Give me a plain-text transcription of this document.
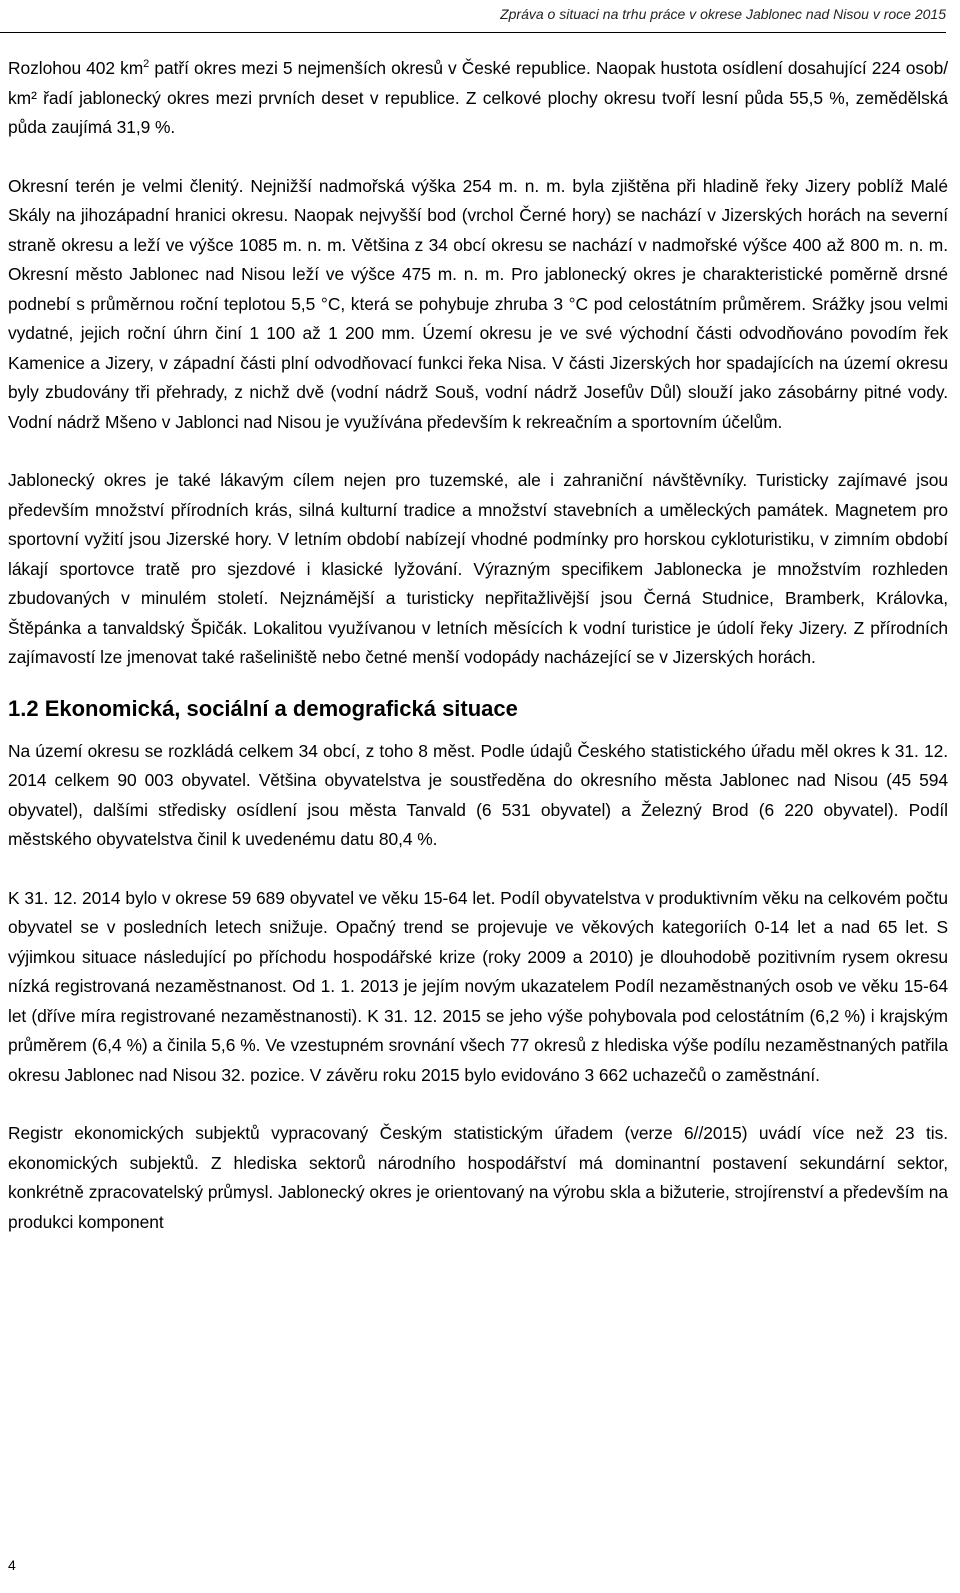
Zpráva o situaci na trhu práce v okrese Jablonec nad Nisou v roce 2015

Rozlohou 402 $km^2$ patří okres mezi 5 nejmenších okresů v České republice. Naopak hustota osídlení dosahující 224 osob/ km² řadí jablonecký okres mezi prvních deset v republice. Z celkové plochy okresu tvoří lesní půda 55,5 %, zemědělská půda zaujímá 31,9 %.

Okresní terén je velmi členitý. Nejnižší nadmořská výška 254 m. n. m. byla zjištěna při hladině řeky Jizery poblíž Malé Skály na jihozápadní hranici okresu. Naopak nejvyšší bod (vrchol Černé hory) se nachází v Jizerských horách na severní straně okresu a leží ve výšce 1085 m. n. m. Většina z 34 obcí okresu se nachází v nadmořské výšce 400 až 800 m. n. m. Okresní město Jablonec nad Nisou leží ve výšce 475 m. n. m. Pro jablonecký okres je charakteristické poměrně drsné podnebí s průměrnou roční teplotou 5,5 °C, která se pohybuje zhruba 3 °C pod celostátním průměrem. Srážky jsou velmi vydatné, jejich roční úhrn činí 1 100 až 1 200 mm. Území okresu je ve své východní části odvodňováno povodím řek Kamenice a Jizery, v západní části plní odvodňovací funkci řeka Nisa. V části Jizerských hor spadajících na území okresu byly zbudovány tři přehrady, z nichž dvě (vodní nádrž Souš, vodní nádrž Josefův Důl) slouží jako zásobárny pitné vody. Vodní nádrž Mšeno v Jablonci nad Nisou je využívána především k rekreačním a sportovním účelům.

Jablonecký okres je také lákavým cílem nejen pro tuzemské, ale i zahraniční návštěvníky. Turisticky zajímavé jsou především množství přírodních krás, silná kulturní tradice a množství stavebních a uměleckých památek. Magnetem pro sportovní vyžití jsou Jizerské hory. V letním období nabízejí vhodné podmínky pro horskou cykloturistiku, v zimním období lákají sportovce tratě pro sjezdové i klasické lyžování. Výrazným specifikem Jablonecka je množstvím rozhleden zbudovaných v minulém století. Nejznámější a turisticky nepřitažlivější jsou Černá Studnice, Bramberk, Královka, Štěpánka a tanvaldský Špičák. Lokalitou využívanou v letních měsících k vodní turistice je údolí řeky Jizery. Z přírodních zajímavostí lze jmenovat také rašeliniště nebo četné menší vodopády nacházející se v Jizerských horách.

1.2 Ekonomická, sociální a demografická situace

Na území okresu se rozkládá celkem 34 obcí, z toho 8 měst. Podle údajů Českého statistického úřadu měl okres k 31. 12. 2014 celkem 90 003 obyvatel. Většina obyvatelstva je soustředěna do okresního města Jablonec nad Nisou (45 594 obyvatel), dalšími středisky osídlení jsou města Tanvald (6 531 obyvatel) a Železný Brod (6 220 obyvatel). Podíl městského obyvatelstva činil k uvedenému datu 80,4 %.

K 31. 12. 2014 bylo v okrese 59 689 obyvatel ve věku 15-64 let. Podíl obyvatelstva v produktivním věku na celkovém počtu obyvatel se v posledních letech snižuje. Opačný trend se projevuje ve věkových kategoriích 0-14 let a nad 65 let. S výjimkou situace následující po příchodu hospodářské krize (roky 2009 a 2010) je dlouhodobě pozitivním rysem okresu nízká registrovaná nezaměstnanost. Od 1. 1. 2013 je jejím novým ukazatelem Podíl nezaměstnaných osob ve věku 15-64 let (dříve míra registrované nezaměstnanosti). K 31. 12. 2015 se jeho výše pohybovala pod celostátním (6,2 %) i krajským průměrem (6,4 %) a činila 5,6 %. Ve vzestupném srovnání všech 77 okresů z hlediska výše podílu nezaměstnaných patřila okresu Jablonec nad Nisou 32. pozice. V závěru roku 2015 bylo evidováno 3 662 uchazečů o zaměstnání.

Registr ekonomických subjektů vypracovaný Českým statistickým úřadem (verze 6//2015) uvádí více než 23 tis. ekonomických subjektů. Z hlediska sektorů národního hospodářství má dominantní postavení sekundární sektor, konkrétně zpracovatelský průmysl. Jablonecký okres je orientovaný na výrobu skla a bižuterie, strojírenství a především na produkci komponent

4
